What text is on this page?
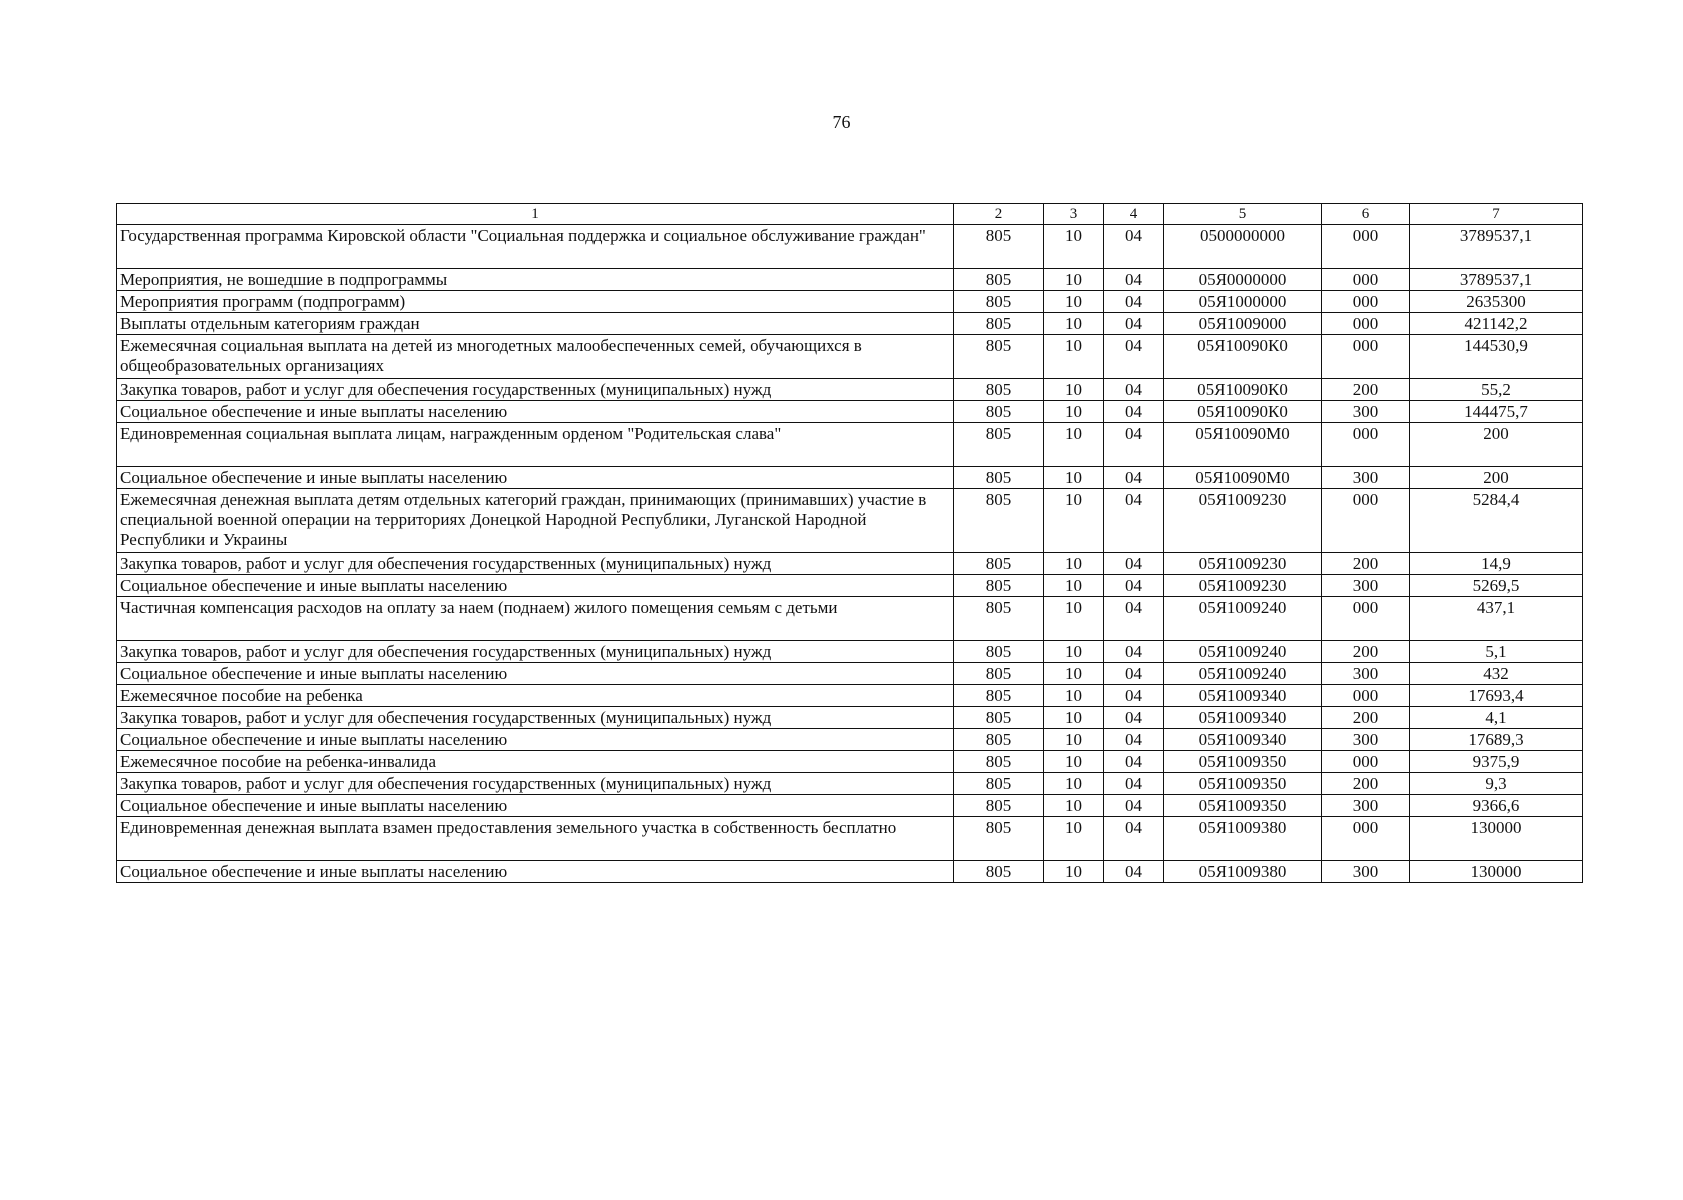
76
1	2	3	4	5	6	7
Государственная программа Кировской области "Социальная поддержка и социальное обслуживание граждан"	805	10	04	0500000000	000	3789537,1
Мероприятия, не вошедшие в подпрограммы	805	10	04	05Я0000000	000	3789537,1
Мероприятия программ (подпрограмм)	805	10	04	05Я1000000	000	2635300
Выплаты отдельным категориям граждан	805	10	04	05Я1009000	000	421142,2
Ежемесячная социальная выплата на детей из многодетных малообеспеченных семей, обучающихся в общеобразовательных организациях	805	10	04	05Я10090К0	000	144530,9
Закупка товаров, работ и услуг для обеспечения государственных (муниципальных) нужд	805	10	04	05Я10090К0	200	55,2
Социальное обеспечение и иные выплаты населению	805	10	04	05Я10090К0	300	144475,7
Единовременная социальная выплата лицам, награжденным орденом "Родительская слава"	805	10	04	05Я10090М0	000	200
Социальное обеспечение и иные выплаты населению	805	10	04	05Я10090М0	300	200
Ежемесячная денежная выплата детям отдельных категорий граждан, принимающих (принимавших) участие в специальной военной операции на территориях Донецкой Народной Республики, Луганской Народной Республики и Украины	805	10	04	05Я1009230	000	5284,4
Закупка товаров, работ и услуг для обеспечения государственных (муниципальных) нужд	805	10	04	05Я1009230	200	14,9
Социальное обеспечение и иные выплаты населению	805	10	04	05Я1009230	300	5269,5
Частичная компенсация расходов на оплату за наем (поднаем) жилого помещения семьям с детьми	805	10	04	05Я1009240	000	437,1
Закупка товаров, работ и услуг для обеспечения государственных (муниципальных) нужд	805	10	04	05Я1009240	200	5,1
Социальное обеспечение и иные выплаты населению	805	10	04	05Я1009240	300	432
Ежемесячное пособие на ребенка	805	10	04	05Я1009340	000	17693,4
Закупка товаров, работ и услуг для обеспечения государственных (муниципальных) нужд	805	10	04	05Я1009340	200	4,1
Социальное обеспечение и иные выплаты населению	805	10	04	05Я1009340	300	17689,3
Ежемесячное пособие на ребенка-инвалида	805	10	04	05Я1009350	000	9375,9
Закупка товаров, работ и услуг для обеспечения государственных (муниципальных) нужд	805	10	04	05Я1009350	200	9,3
Социальное обеспечение и иные выплаты населению	805	10	04	05Я1009350	300	9366,6
Единовременная денежная выплата взамен предоставления земельного участка в собственность бесплатно	805	10	04	05Я1009380	000	130000
Социальное обеспечение и иные выплаты населению	805	10	04	05Я1009380	300	130000
